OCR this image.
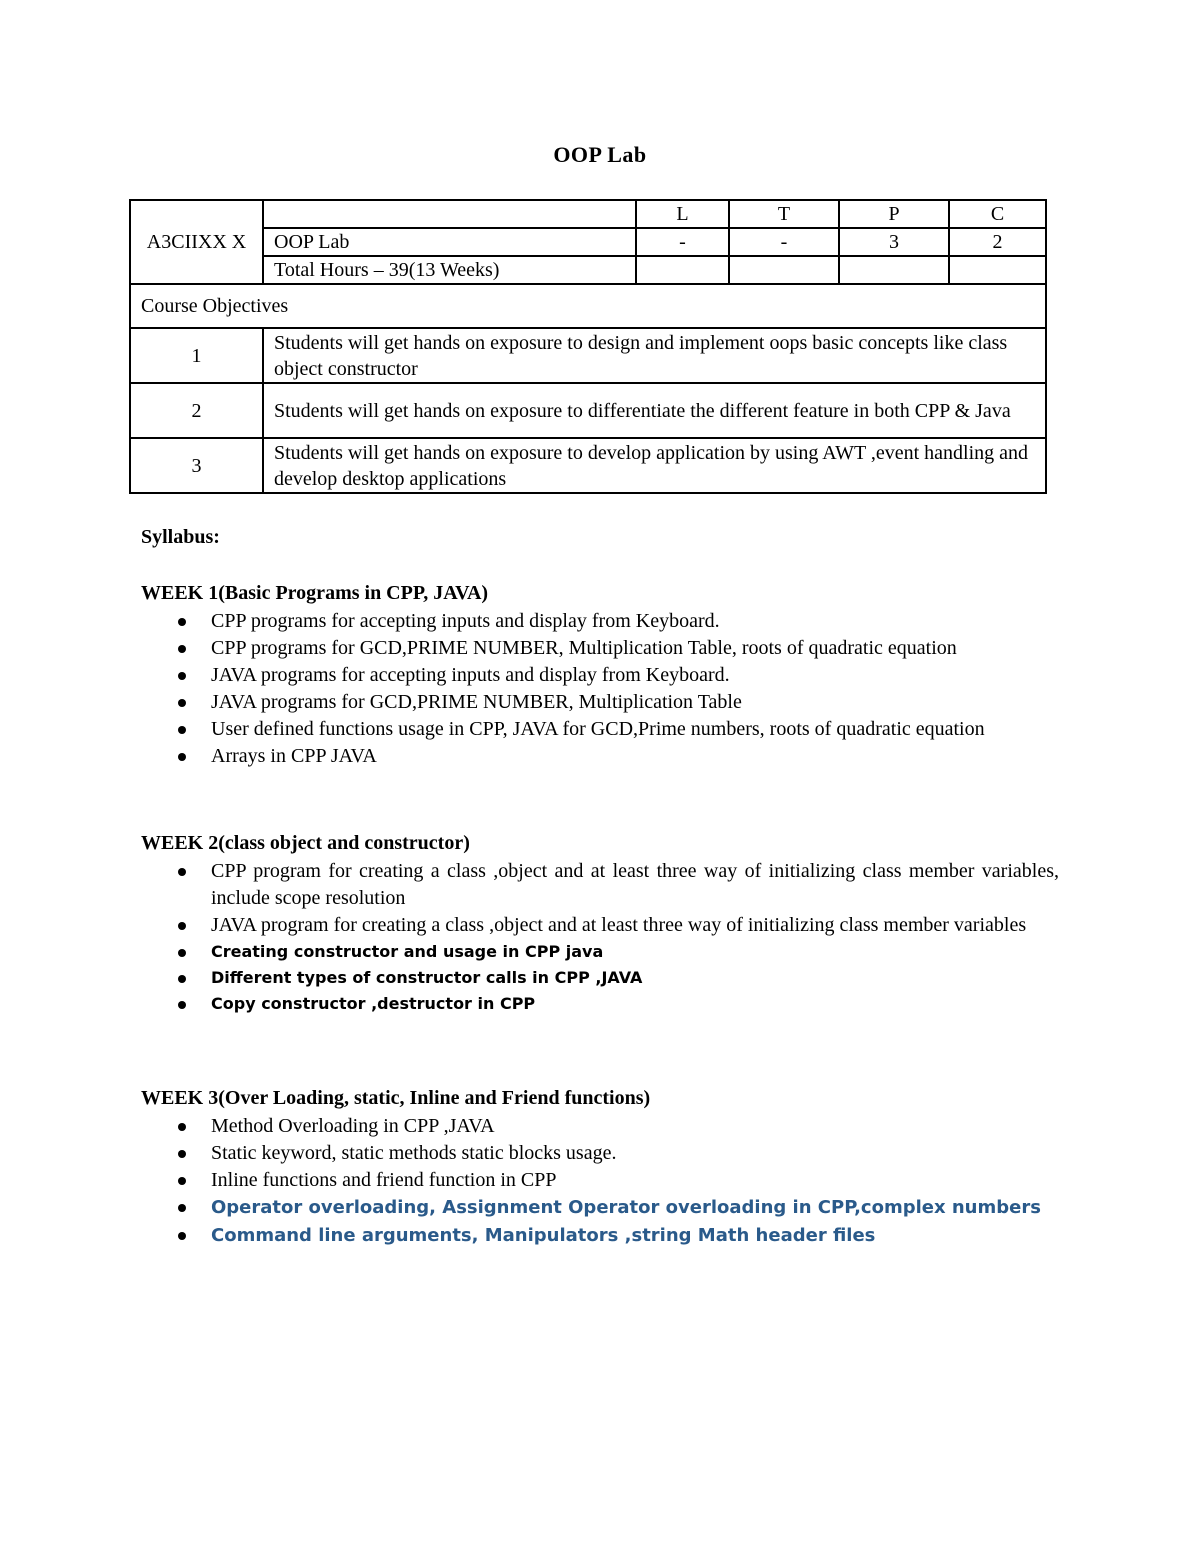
OOP Lab
A3CIIXX X		L	T	P	C
	OOP Lab	-	-	3	2
	Total Hours – 39(13 Weeks)				
Course Objectives					
1	Students will get hands on exposure to design and implement oops basic concepts like class object constructor				
2	Students will get hands on exposure to differentiate the different feature in both CPP & Java				
3	Students will get hands on exposure to develop application by using AWT ,event handling and develop desktop applications				

Syllabus:

WEEK 1(Basic Programs in CPP, JAVA)

CPP programs for accepting inputs and display from Keyboard.
CPP programs for GCD,PRIME NUMBER, Multiplication Table, roots of quadratic equation
JAVA programs for accepting inputs and display from Keyboard.
JAVA programs for GCD,PRIME NUMBER, Multiplication Table
User defined functions usage in CPP, JAVA for GCD,Prime numbers, roots of quadratic equation
Arrays in CPP JAVA

WEEK 2(class object and constructor)

CPP program for creating a class ,object and at least three way of initializing class member variables, include scope resolution
JAVA program for creating a class ,object and at least three way of initializing class member variables
Creating constructor and usage in CPP java
Different types of constructor calls in CPP ,JAVA
Copy constructor ,destructor in CPP

WEEK 3(Over Loading, static, Inline and Friend functions)

Method Overloading in CPP ,JAVA
Static keyword, static methods static blocks usage.
Inline functions and friend function in CPP
Operator overloading, Assignment Operator overloading in CPP,complex numbers
Command line arguments, Manipulators ,string Math header files
